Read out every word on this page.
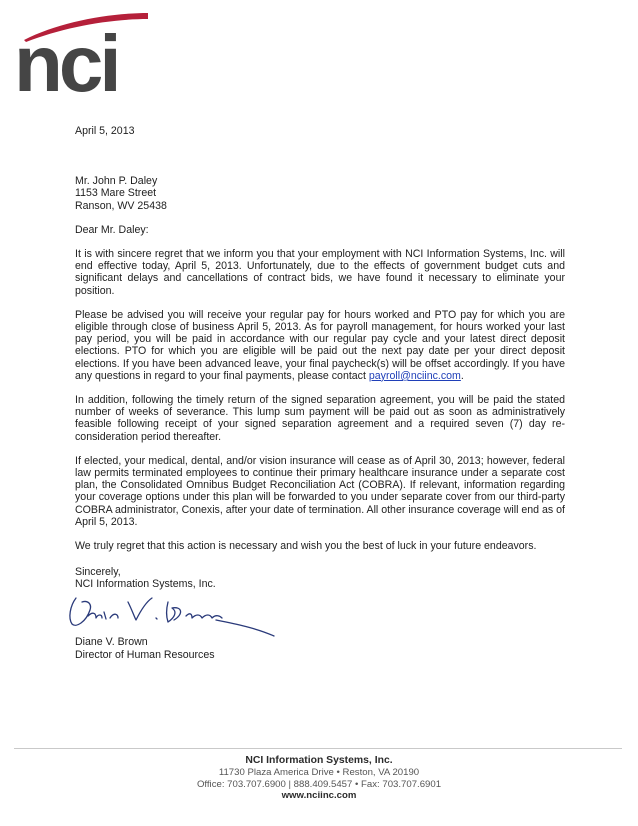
nci

April 5, 2013

Mr. John P. Daley
1153 Mare Street
Ranson, WV 25438

Dear Mr. Daley:

It is with sincere regret that we inform you that your employment with NCI Information Systems, Inc. will end effective today, April 5, 2013. Unfortunately, due to the effects of government budget cuts and significant delays and cancellations of contract bids, we have found it necessary to eliminate your position.

Please be advised you will receive your regular pay for hours worked and PTO pay for which you are eligible through close of business April 5, 2013. As for payroll management, for hours worked your last pay period, you will be paid in accordance with our regular pay cycle and your latest direct deposit elections. PTO for which you are eligible will be paid out the next pay date per your direct deposit elections. If you have been advanced leave, your final paycheck(s) will be offset accordingly. If you have any questions in regard to your final payments, please contact payroll@nciinc.com.

In addition, following the timely return of the signed separation agreement, you will be paid the stated number of weeks of severance. This lump sum payment will be paid out as soon as administratively feasible following receipt of your signed separation agreement and a required seven (7) day re-consideration period thereafter.

If elected, your medical, dental, and/or vision insurance will cease as of April 30, 2013; however, federal law permits terminated employees to continue their primary healthcare insurance under a separate cost plan, the Consolidated Omnibus Budget Reconciliation Act (COBRA). If relevant, information regarding your coverage options under this plan will be forwarded to you under separate cover from our third-party COBRA administrator, Conexis, after your date of termination. All other insurance coverage will end as of April 5, 2013.

We truly regret that this action is necessary and wish you the best of luck in your future endeavors.

Sincerely,

NCI Information Systems, Inc.

Diane V. Brown
Director of Human Resources
NCI Information Systems, Inc.
11730 Plaza America Drive • Reston, VA 20190
Office: 703.707.6900 | 888.409.5457 • Fax: 703.707.6901
www.nciinc.com
